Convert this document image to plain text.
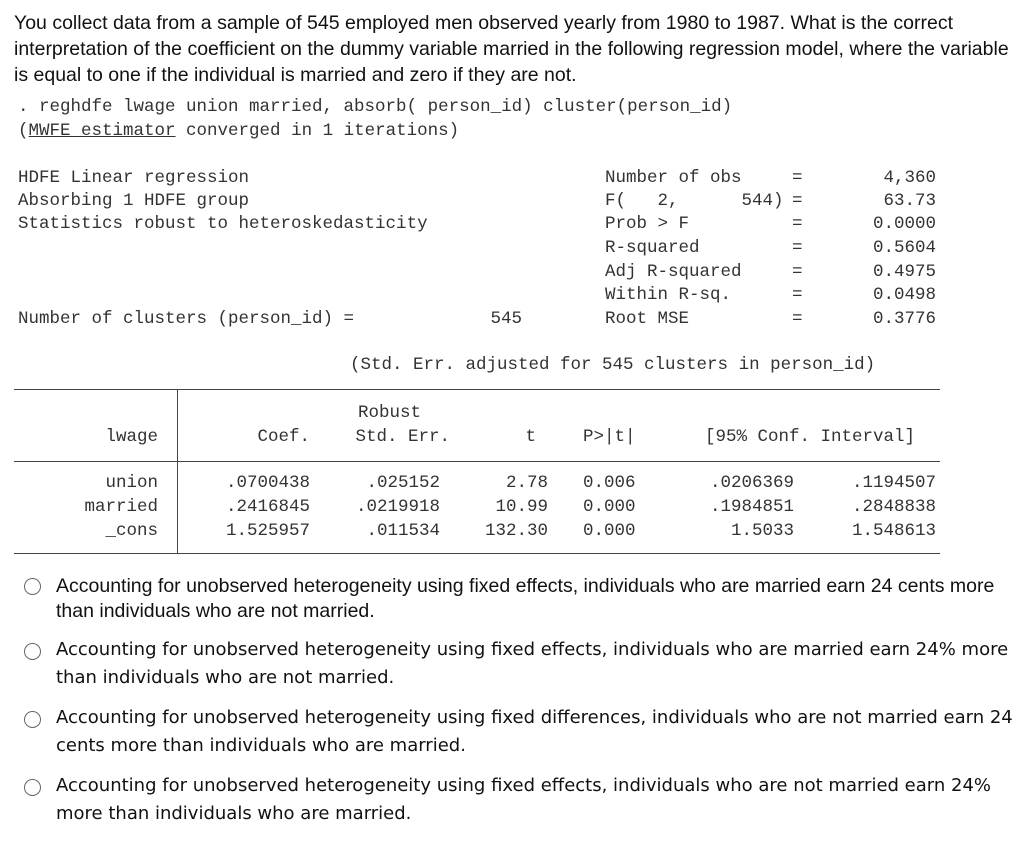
You collect data from a sample of 545 employed men observed yearly from 1980 to 1987. What is the correct interpretation of the coefficient on the dummy variable married in the following regression model, where the variable is equal to one if the individual is married and zero if they are not.
. reghdfe lwage union married, absorb( person_id) cluster(person_id)
(MWFE estimator converged in 1 iterations)
HDFE Linear regression
Absorbing 1 HDFE group
Statistics robust to heteroskedasticity
Number of obs	=	4,360
F(   2,      544) =	63.73
Prob > F	=	0.0000
R-squared	=	0.5604
Adj R-squared	=	0.4975
Within R-sq.	=	0.0498
Root MSE	=	0.3776
Number of clusters (person_id) =	545
(Std. Err. adjusted for 545 clusters in person_id)
Robust
lwage	Coef.	Std. Err.	t	P>|t|	[95% Conf. Interval]
union	.0700438	.025152	2.78 0.006	.0206369	.1194507
married	.2416845	.0219918	10.99 0.000	.1984851	.2848838
_cons	1.525957	.011534	132.30 0.000	1.5033	1.548613
Accounting for unobserved heterogeneity using fixed effects, individuals who are married earn 24 cents more than individuals who are not married.
Accounting for unobserved heterogeneity using fixed effects, individuals who are married earn 24% more than individuals who are not married.
Accounting for unobserved heterogeneity using fixed differences, individuals who are not married earn 24 cents more than individuals who are married.
Accounting for unobserved heterogeneity using fixed effects, individuals who are not married earn 24% more than individuals who are married.
